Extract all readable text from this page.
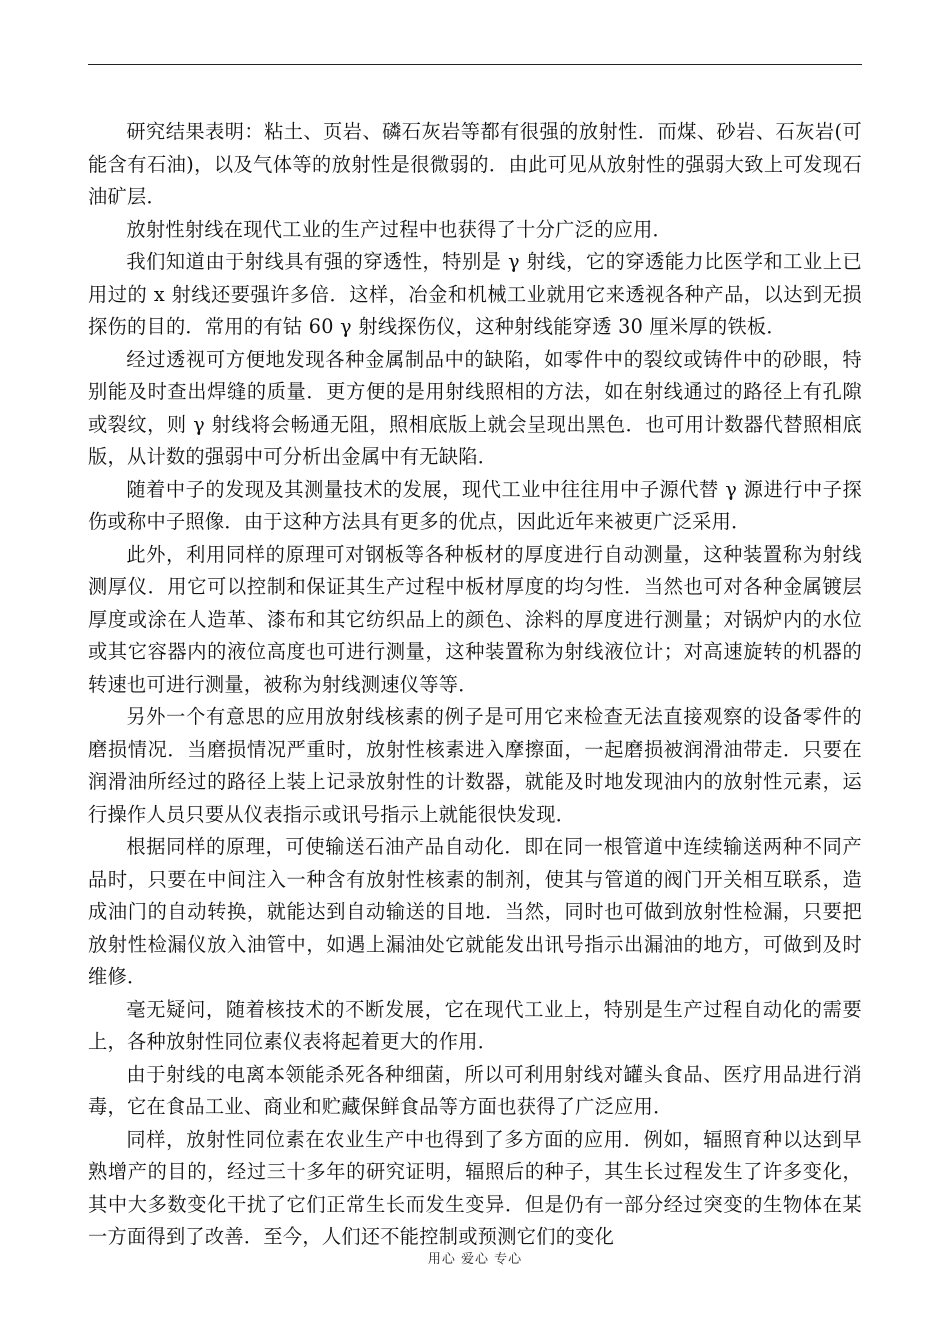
研究结果表明：粘土、页岩、磷石灰岩等都有很强的放射性．而煤、砂岩、石灰岩(可能含有石油)，以及气体等的放射性是很微弱的．由此可见从放射性的强弱大致上可发现石油矿层．

放射性射线在现代工业的生产过程中也获得了十分广泛的应用．

我们知道由于射线具有强的穿透性，特别是 γ 射线，它的穿透能力比医学和工业上已用过的 x 射线还要强许多倍．这样，冶金和机械工业就用它来透视各种产品，以达到无损探伤的目的．常用的有钴 60 γ 射线探伤仪，这种射线能穿透 30 厘米厚的铁板．

经过透视可方便地发现各种金属制品中的缺陷，如零件中的裂纹或铸件中的砂眼，特别能及时查出焊缝的质量．更方便的是用射线照相的方法，如在射线通过的路径上有孔隙或裂纹，则 γ 射线将会畅通无阻，照相底版上就会呈现出黑色．也可用计数器代替照相底版，从计数的强弱中可分析出金属中有无缺陷．

随着中子的发现及其测量技术的发展，现代工业中往往用中子源代替 γ 源进行中子探伤或称中子照像．由于这种方法具有更多的优点，因此近年来被更广泛采用．

此外，利用同样的原理可对钢板等各种板材的厚度进行自动测量，这种装置称为射线测厚仪．用它可以控制和保证其生产过程中板材厚度的均匀性．当然也可对各种金属镀层厚度或涂在人造革、漆布和其它纺织品上的颜色、涂料的厚度进行测量；对锅炉内的水位或其它容器内的液位高度也可进行测量，这种装置称为射线液位计；对高速旋转的机器的转速也可进行测量，被称为射线测速仪等等．

另外一个有意思的应用放射线核素的例子是可用它来检查无法直接观察的设备零件的磨损情况．当磨损情况严重时，放射性核素进入摩擦面，一起磨损被润滑油带走．只要在润滑油所经过的路径上装上记录放射性的计数器，就能及时地发现油内的放射性元素，运行操作人员只要从仪表指示或讯号指示上就能很快发现．

根据同样的原理，可使输送石油产品自动化．即在同一根管道中连续输送两种不同产品时，只要在中间注入一种含有放射性核素的制剂，使其与管道的阀门开关相互联系，造成油门的自动转换，就能达到自动输送的目地．当然，同时也可做到放射性检漏，只要把放射性检漏仪放入油管中，如遇上漏油处它就能发出讯号指示出漏油的地方，可做到及时维修．

毫无疑问，随着核技术的不断发展，它在现代工业上，特别是生产过程自动化的需要上，各种放射性同位素仪表将起着更大的作用．

由于射线的电离本领能杀死各种细菌，所以可利用射线对罐头食品、医疗用品进行消毒，它在食品工业、商业和贮藏保鲜食品等方面也获得了广泛应用．

同样，放射性同位素在农业生产中也得到了多方面的应用．例如，辐照育种以达到早熟增产的目的，经过三十多年的研究证明，辐照后的种子，其生长过程发生了许多变化，其中大多数变化干扰了它们正常生长而发生变异．但是仍有一部分经过突变的生物体在某一方面得到了改善．至今，人们还不能控制或预测它们的变化

用心 爱心 专心
